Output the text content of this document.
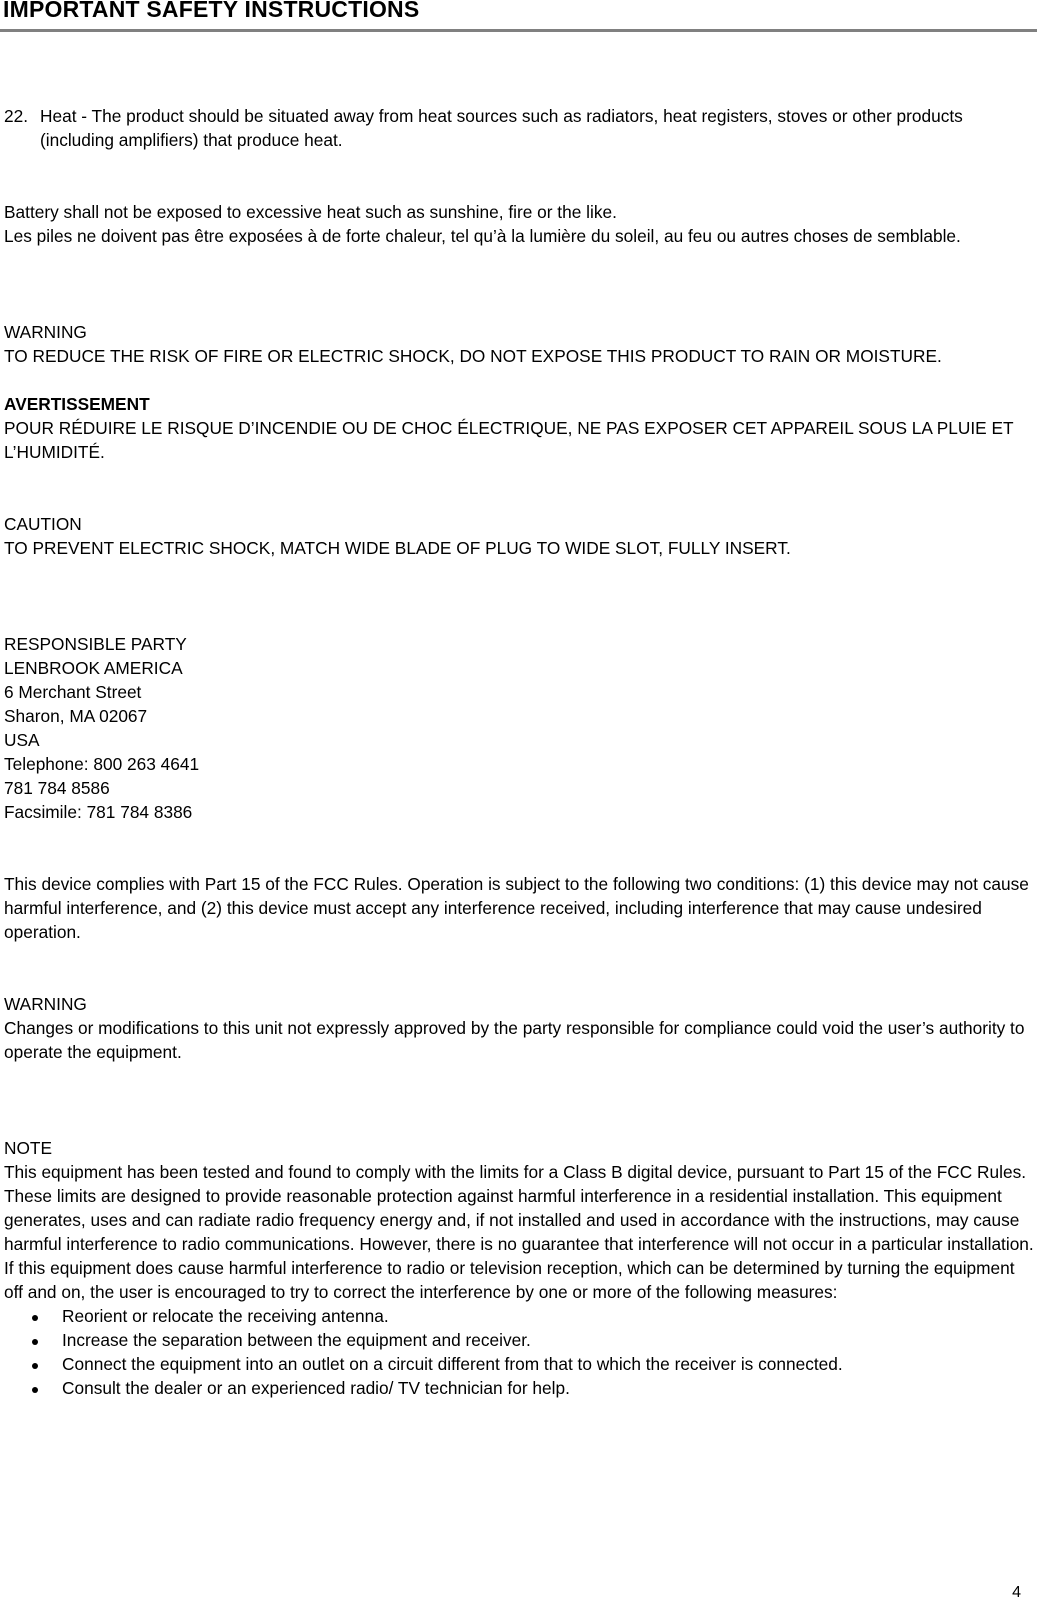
IMPORTANT SAFETY INSTRUCTIONS
22. Heat - The product should be situated away from heat sources such as radiators, heat registers, stoves or other products (including amplifiers) that produce heat.

Battery shall not be exposed to excessive heat such as sunshine, fire or the like.

Les piles ne doivent pas être exposées à de forte chaleur, tel qu’à la lumière du soleil, au feu ou autres choses de semblable.

WARNING

TO REDUCE THE RISK OF FIRE OR ELECTRIC SHOCK, DO NOT EXPOSE THIS PRODUCT TO RAIN OR MOISTURE.

AVERTISSEMENT

POUR RÉDUIRE LE RISQUE D’INCENDIE OU DE CHOC ÉLECTRIQUE, NE PAS EXPOSER CET APPAREIL SOUS LA PLUIE ET L’HUMIDITÉ.

CAUTION

TO PREVENT ELECTRIC SHOCK, MATCH WIDE BLADE OF PLUG TO WIDE SLOT, FULLY INSERT.

RESPONSIBLE PARTY

LENBROOK AMERICA

6 Merchant Street

Sharon, MA 02067

USA

Telephone: 800 263 4641

781 784 8586

Facsimile: 781 784 8386

This device complies with Part 15 of the FCC Rules. Operation is subject to the following two conditions: (1) this device may not cause harmful interference, and (2) this device must accept any interference received, including interference that may cause undesired operation.

WARNING

Changes or modifications to this unit not expressly approved by the party responsible for compliance could void the user’s authority to operate the equipment.

NOTE

This equipment has been tested and found to comply with the limits for a Class B digital device, pursuant to Part 15 of the FCC Rules. These limits are designed to provide reasonable protection against harmful interference in a residential installation. This equipment generates, uses and can radiate radio frequency energy and, if not installed and used in accordance with the instructions, may cause harmful interference to radio communications. However, there is no guarantee that interference will not occur in a particular installation. If this equipment does cause harmful interference to radio or television reception, which can be determined by turning the equipment off and on, the user is encouraged to try to correct the interference by one or more of the following measures:

Reorient or relocate the receiving antenna.
Increase the separation between the equipment and receiver.
Connect the equipment into an outlet on a circuit different from that to which the receiver is connected.
Consult the dealer or an experienced radio/ TV technician for help.
4
